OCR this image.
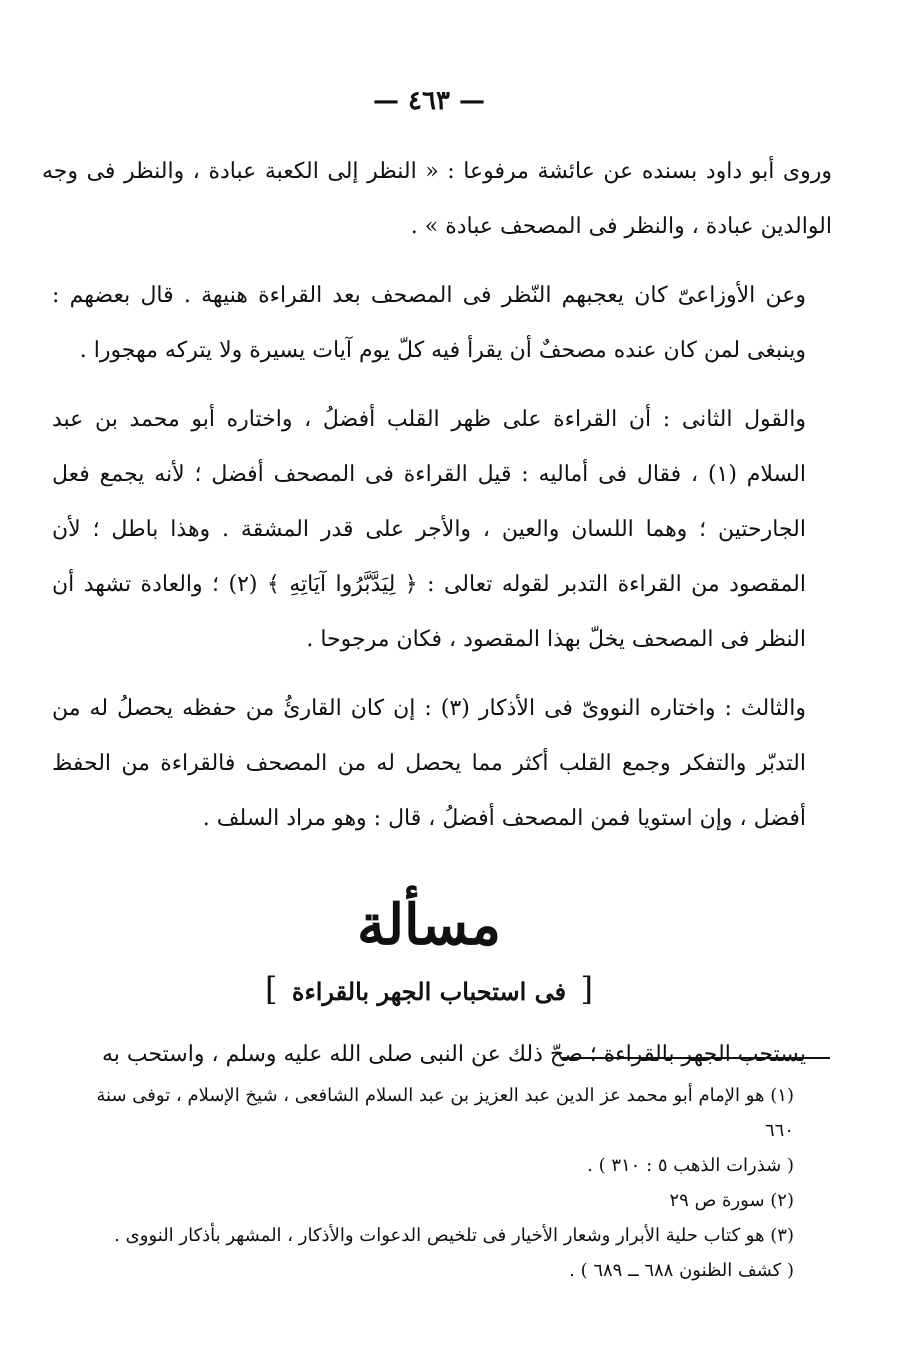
— ٤٦٣ —

وروى أبو داود بسنده عن عائشة مرفوعا : « النظر إلى الكعبة عبادة ، والنظر فى وجه الوالدين عبادة ، والنظر فى المصحف عبادة » .

وعن الأوزاعىّ كان يعجبهم النّظر فى المصحف بعد القراءة هنيهة . قال بعضهم : وينبغى لمن كان عنده مصحفٌ أن يقرأ فيه كلّ يوم آيات يسيرة ولا يتركه مهجورا .

والقول الثانى : أن القراءة على ظهر القلب أفضلُ ، واختاره أبو محمد بن عبد السلام (١) ، فقال فى أماليه : قيل القراءة فى المصحف أفضل ؛ لأنه يجمع فعل الجارحتين ؛ وهما اللسان والعين ، والأجر على قدر المشقة . وهذا باطل ؛ لأن المقصود من القراءة التدبر لقوله تعالى : ﴿ لِيَدَّبَّرُوا آيَاتِهِ ﴾ (٢) ؛ والعادة تشهد أن النظر فى المصحف يخلّ بهذا المقصود ، فكان مرجوحا .

والثالث : واختاره النووىّ فى الأذكار (٣) : إن كان القارئُ من حفظه يحصلُ له من التدبّر والتفكر وجمع القلب أكثر مما يحصل له من المصحف فالقراءة من الحفظ أفضل ، وإن استويا فمن المصحف أفضلُ ، قال : وهو مراد السلف .

مسألة
[ فى استحباب الجهر بالقراءة ]

يستحب الجهر بالقراءة ؛ صحّ ذلك عن النبى صلى الله عليه وسلم ، واستحب به

(١) هو الإمام أبو محمد عز الدين عبد العزيز بن عبد السلام الشافعى ، شيخ الإسلام ، توفى سنة ٦٦٠

( شذرات الذهب ٥ : ٣١٠ ) .

(٢) سورة ص ٢٩

(٣) هو كتاب حلية الأبرار وشعار الأخيار فى تلخيص الدعوات والأذكار ، المشهر بأذكار النووى .

( كشف الظنون ٦٨٨ ــ ٦٨٩ ) .
